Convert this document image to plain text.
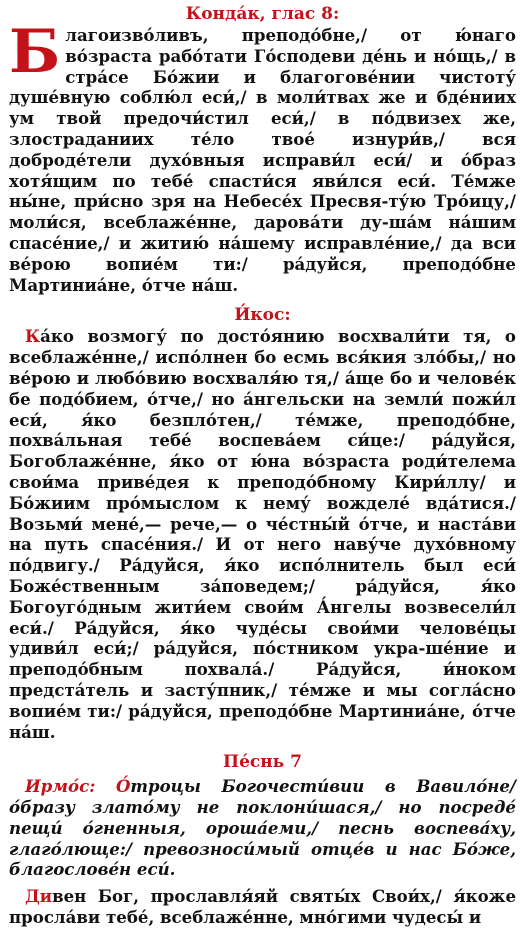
Конда́к, глас 8:

Благоизво́ливъ, преподо́бне,/ от ю́наго во́зраста рабо́тати Го́сподеви де́нь и но́щь,/ в стра́се Бо́жии и благогове́нии чистоту́ душе́вную соблю́л еси́,/ в моли́твах же и бде́ниих ум твой предочи́стил еси́,/ в по́двизех же, злостраданиих те́ло твое́ изнури́в,/ вся доброде́тели духо́вныя исправи́л еси́/ и о́браз хотя́щим по тебе́ спасти́ся яви́лся еси́. Те́мже ны́не, при́сно зря на Небесе́х Пресвя-ту́ю Тро́ицу,/ моли́ся, всеблаже́нне, дарова́ти ду-ша́м на́шим спасе́ние,/ и житию́ на́шему исправле́ние,/ да вси ве́рою вопие́м ти:/ ра́дуйся, преподо́бне Мартиниа́не, о́тче на́ш.

И́кос:

Ка́ко возмогу́ по досто́янию восхвали́ти тя, о всеблаже́нне,/ испо́лнен бо есмь вся́кия зло́бы,/ но ве́рою и любо́вию восхваля́ю тя,/ а́ще бо и челове́к бе подо́бием, о́тче,/ но а́нгельски на земли́ пожи́л еси́, я́ко безпло́тен,/ те́мже, преподо́бне, похва́льная тебе́ воспева́ем си́це:/ ра́дуйся, Богоблаже́нне, я́ко от ю́на во́зраста роди́телема свои́ма приве́дея к преподо́бному Кири́ллу/ и Бо́жиим про́мыслом к нему́ вожделе́ вда́тися./ Возьми́ мене́,— рече,— о че́стны́й о́тче, и наста́ви на путь спасе́ния./ И от него наву́че духо́вному по́двигу./ Ра́дуйся, я́ко испо́лнитель был еси́ Боже́ственным за́поведем;/ ра́дуйся, я́ко Богоуго́дным жити́ем свои́м А́нгелы возвесели́л еси́./ Ра́дуйся, я́ко чуде́сы свои́ми челове́цы удиви́л еси́;/ ра́дуйся, по́стником укра-ше́ние и преподо́бным похвала́./ Ра́дуйся, и́ноком предста́тель и засту́пник,/ те́мже и мы согла́сно вопие́м ти:/ ра́дуйся, преподо́бне Мартиниа́не, о́тче на́ш.

Пе́снь 7

Ирмо́с: О́троцы Богочести́вии в Вавило́не/ о́бразу злато́му не поклони́шася,/ но посреде́ пещи́ о́гненныя, ороша́еми,/ песнь воспева́ху, глаго́люще:/ превозноси́мый отце́в и нас Бо́же, благослове́н еси́.

Дивен Бог, прославля́яй святы́х Свои́х,/ я́коже просла́ви тебе́, всеблаже́нне, мно́гими чудесы́ и
